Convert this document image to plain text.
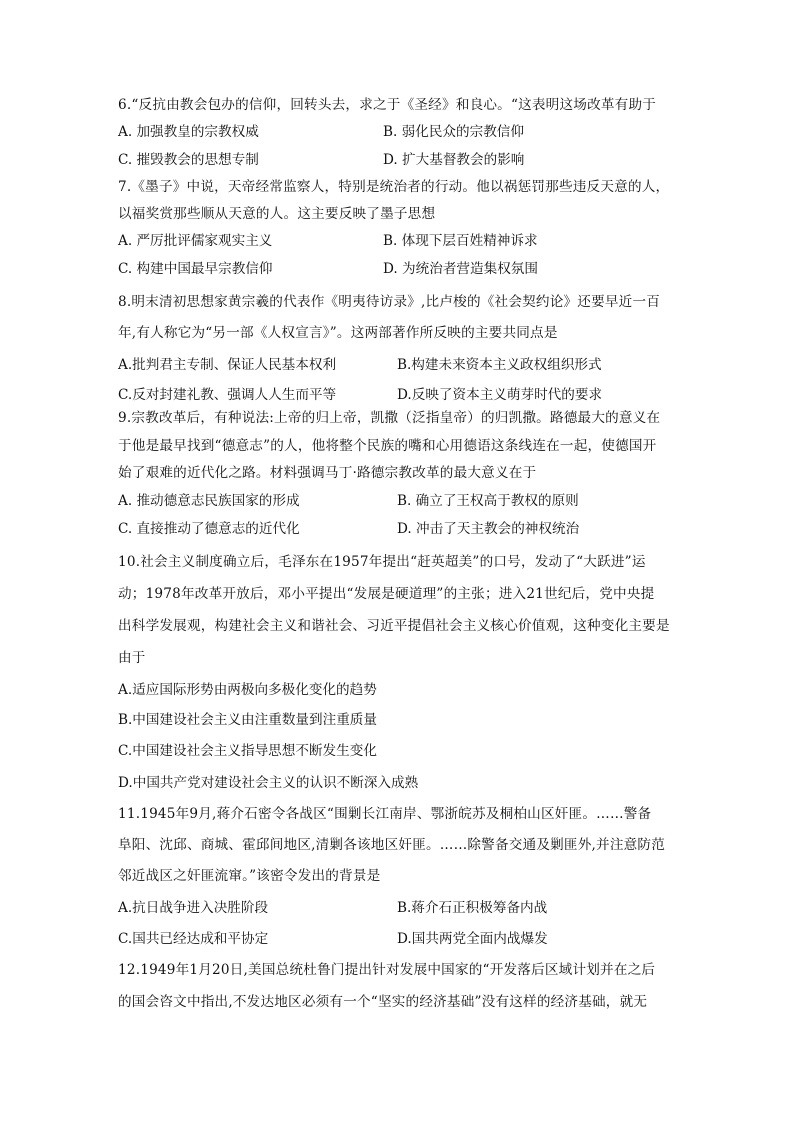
6.“反抗由教会包办的信仰，回转头去，求之于《圣经》和良心。“这表明这场改革有助于
A. 加强教皇的宗教权威	B. 弱化民众的宗教信仰
C. 摧毁教会的思想专制	D. 扩大基督教会的影响
7.《墨子》中说，天帝经常监察人，特别是统治者的行动。他以祸惩罚那些违反天意的人，
以福奖赏那些顺从天意的人。这主要反映了墨子思想
A. 严厉批评儒家观实主义	B. 体现下层百姓精神诉求
C. 构建中国最早宗教信仰	D. 为统治者营造集权氛围
8.明末清初思想家黄宗羲的代表作《明夷待访录》,比卢梭的《社会契约论》还要早近一百
年,有人称它为“另一部《人权宣言》”。这两部著作所反映的主要共同点是
A.批判君主专制、保证人民基本权利	B.构建未来资本主义政权组织形式
C.反对封建礼教、强调人人生而平等	D.反映了资本主义萌芽时代的要求
9.宗教改革后，有种说法:上帝的归上帝，凯撒（泛指皇帝）的归凯撒。路德最大的意义在
于他是最早找到“德意志”的人，他将整个民族的嘴和心用德语这条线连在一起，使德国开
始了艰难的近代化之路。材料强调马丁·路德宗教改革的最大意义在于
A. 推动德意志民族国家的形成	B. 确立了王权高于教权的原则
C. 直接推动了德意志的近代化	D. 冲击了天主教会的神权统治
10.社会主义制度确立后，毛泽东在1957年提出“赶英超美”的口号，发动了“大跃进”运
动；1978年改革开放后，邓小平提出“发展是硬道理”的主张；进入21世纪后，党中央提
出科学发展观，构建社会主义和谐社会、习近平提倡社会主义核心价值观，这种变化主要是
由于
A.适应国际形势由两极向多极化变化的趋势
B.中国建设社会主义由注重数量到注重质量
C.中国建设社会主义指导思想不断发生变化
D.中国共产党对建设社会主义的认识不断深入成熟
11.1945年9月,蒋介石密令各战区“围剿长江南岸、鄂浙皖苏及桐柏山区奸匪。……警备
阜阳、沈邱、商城、霍邱间地区,清剿各该地区奸匪。……除警备交通及剿匪外,并注意防范
邻近战区之奸匪流窜。”该密令发出的背景是
A.抗日战争进入决胜阶段	B.蒋介石正积极筹备内战
C.国共已经达成和平协定	D.国共两党全面内战爆发
12.1949年1月20日,美国总统杜鲁门提出针对发展中国家的“开发落后区域计划并在之后
的国会咨文中指出,不发达地区必须有一个“坚实的经济基础”没有这样的经济基础，就无
